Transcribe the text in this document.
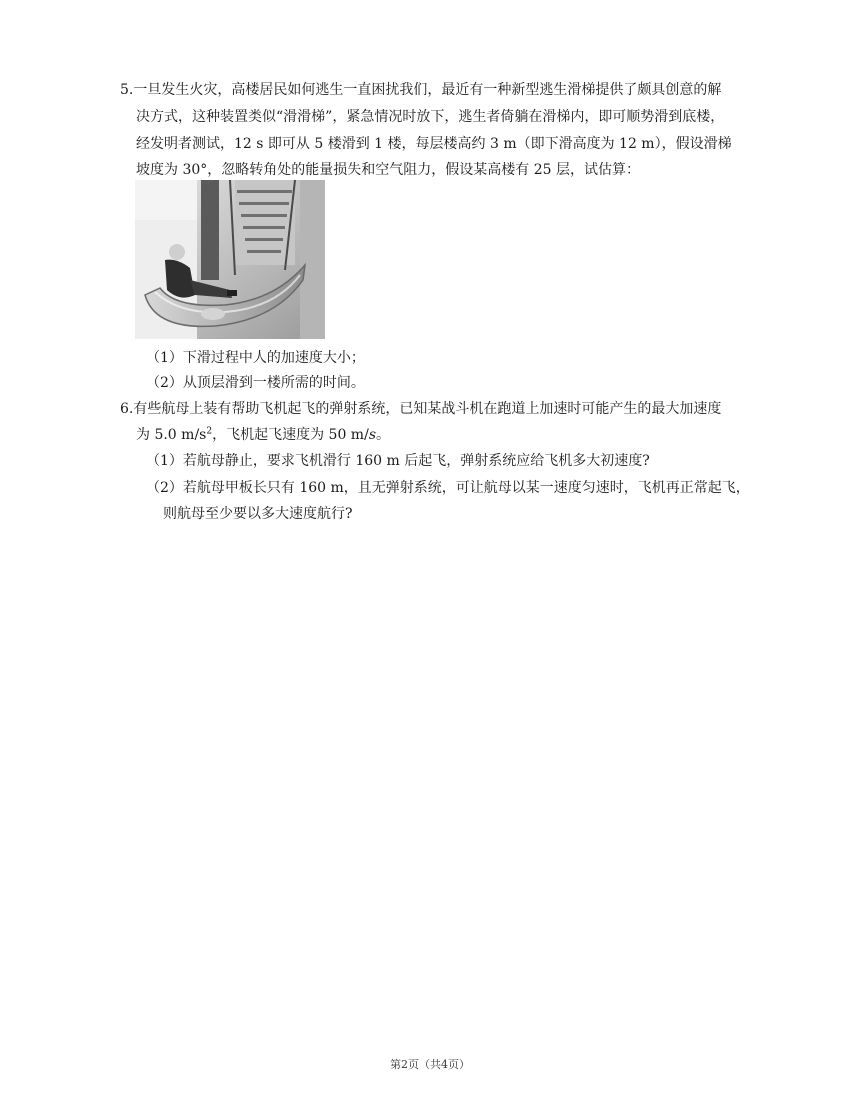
5.一旦发生火灾，高楼居民如何逃生一直困扰我们，最近有一种新型逃生滑梯提供了颇具创意的解
决方式，这种装置类似“滑滑梯”，紧急情况时放下，逃生者倚躺在滑梯内，即可顺势滑到底楼，
经发明者测试，12 s 即可从 5 楼滑到 1 楼，每层楼高约 3 m（即下滑高度为 12 m），假设滑梯
坡度为 30°，忽略转角处的能量损失和空气阻力，假设某高楼有 25 层，试估算：
（1）下滑过程中人的加速度大小；
（2）从顶层滑到一楼所需的时间。
6.有些航母上装有帮助飞机起飞的弹射系统，已知某战斗机在跑道上加速时可能产生的最大加速度
为 5.0 $m/s^2$，飞机起飞速度为 50 m/s。
（1）若航母静止，要求飞机滑行 160 m 后起飞，弹射系统应给飞机多大初速度?
（2）若航母甲板长只有 160 m，且无弹射系统，可让航母以某一速度匀速时，飞机再正常起飞，
则航母至少要以多大速度航行?
第2页（共4页）
